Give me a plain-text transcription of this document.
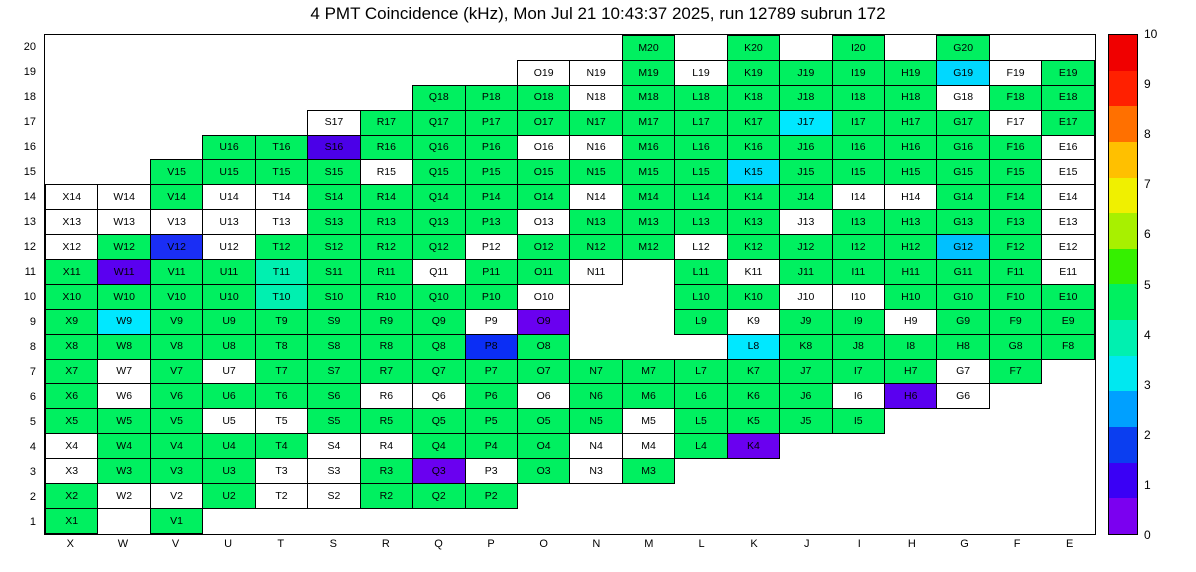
4 PMT Coincidence (kHz), Mon Jul 21 10:43:37 2025, run 12789 subrun 172
20
19
18
17
16
15
14
13
12
11
10
9
8
7
6
5
4
3
2
1
											M20		K20		I20		G20		
									O19	N19	M19	L19	K19	J19	I19	H19	G19	F19	E19
							Q18	P18	O18	N18	M18	L18	K18	J18	I18	H18	G18	F18	E18
					S17	R17	Q17	P17	O17	N17	M17	L17	K17	J17	I17	H17	G17	F17	E17
			U16	T16	S16	R16	Q16	P16	O16	N16	M16	L16	K16	J16	I16	H16	G16	F16	E16
		V15	U15	T15	S15	R15	Q15	P15	O15	N15	M15	L15	K15	J15	I15	H15	G15	F15	E15
X14	W14	V14	U14	T14	S14	R14	Q14	P14	O14	N14	M14	L14	K14	J14	I14	H14	G14	F14	E14
X13	W13	V13	U13	T13	S13	R13	Q13	P13	O13	N13	M13	L13	K13	J13	I13	H13	G13	F13	E13
X12	W12	V12	U12	T12	S12	R12	Q12	P12	O12	N12	M12	L12	K12	J12	I12	H12	G12	F12	E12
X11	W11	V11	U11	T11	S11	R11	Q11	P11	O11	N11		L11	K11	J11	I11	H11	G11	F11	E11
X10	W10	V10	U10	T10	S10	R10	Q10	P10	O10			L10	K10	J10	I10	H10	G10	F10	E10
X9	W9	V9	U9	T9	S9	R9	Q9	P9	O9			L9	K9	J9	I9	H9	G9	F9	E9
X8	W8	V8	U8	T8	S8	R8	Q8	P8	O8				L8	K8	J8	I8	H8	G8	F8
X7	W7	V7	U7	T7	S7	R7	Q7	P7	O7	N7	M7	L7	K7	J7	I7	H7	G7	F7	
X6	W6	V6	U6	T6	S6	R6	Q6	P6	O6	N6	M6	L6	K6	J6	I6	H6	G6		
X5	W5	V5	U5	T5	S5	R5	Q5	P5	O5	N5	M5	L5	K5	J5	I5				
X4	W4	V4	U4	T4	S4	R4	Q4	P4	O4	N4	M4	L4	K4						
X3	W3	V3	U3	T3	S3	R3	Q3	P3	O3	N3	M3								
X2	W2	V2	U2	T2	S2	R2	Q2	P2											
X1		V1																	
X	W	V	U	T	S	R	Q	P	O	N	M	L	K	J	I	H	G	F	E
0
1
2
3
4
5
6
7
8
9
10
